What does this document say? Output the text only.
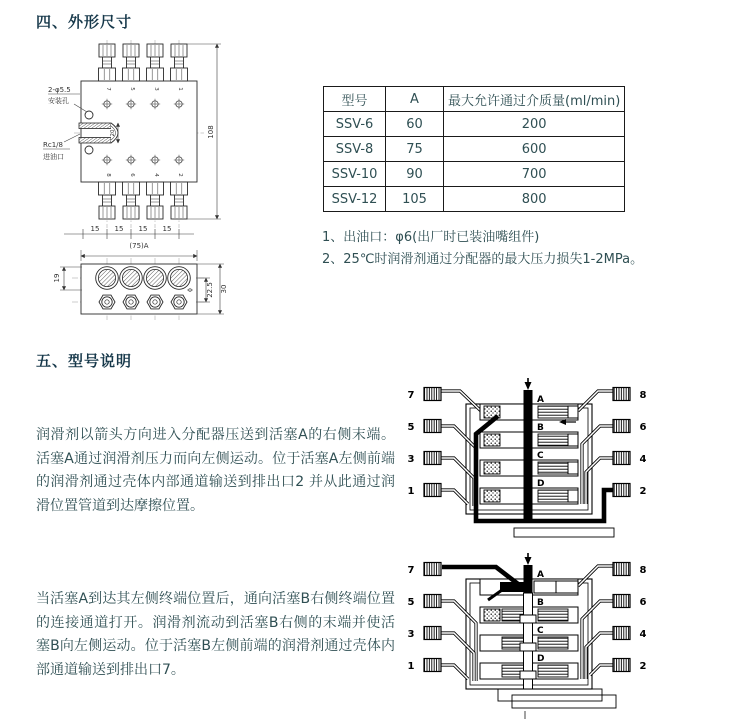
四、外形尺寸
7	5	3	1
8	6	4	2
20
2-φ5.5
安装孔
Rc1/8
进油口
108
15 15 15 15
(75)A
19
22.5 30
型号	A	最大允许通过介质量(ml/min)
SSV-6	60	200
SSV-8	75	600
SSV-10	90	700
SSV-12	105	800
1、出油口：φ6(出厂时已装油嘴组件)
2、25℃时润滑剂通过分配器的最大压力损失1-2MPa。
五、型号说明
润滑剂以箭头方向进入分配器压送到活塞A的右侧末端。活塞A通过润滑剂压力而向左侧运动。位于活塞A左侧前端的润滑剂通过壳体内部通道输送到排出口2 并从此通过润滑位置管道到达摩擦位置。
当活塞A到达其左侧终端位置后，通向活塞B右侧终端位置的连接通道打开。润滑剂流动到活塞B右侧的末端并使活塞B向左侧运动。位于活塞B左侧前端的润滑剂通过壳体内部通道输送到排出口7。
A
B
C
D
7
5
3
1
8
6
4
2
A
B
C
D
7
5
3
1
8
6
4
2
